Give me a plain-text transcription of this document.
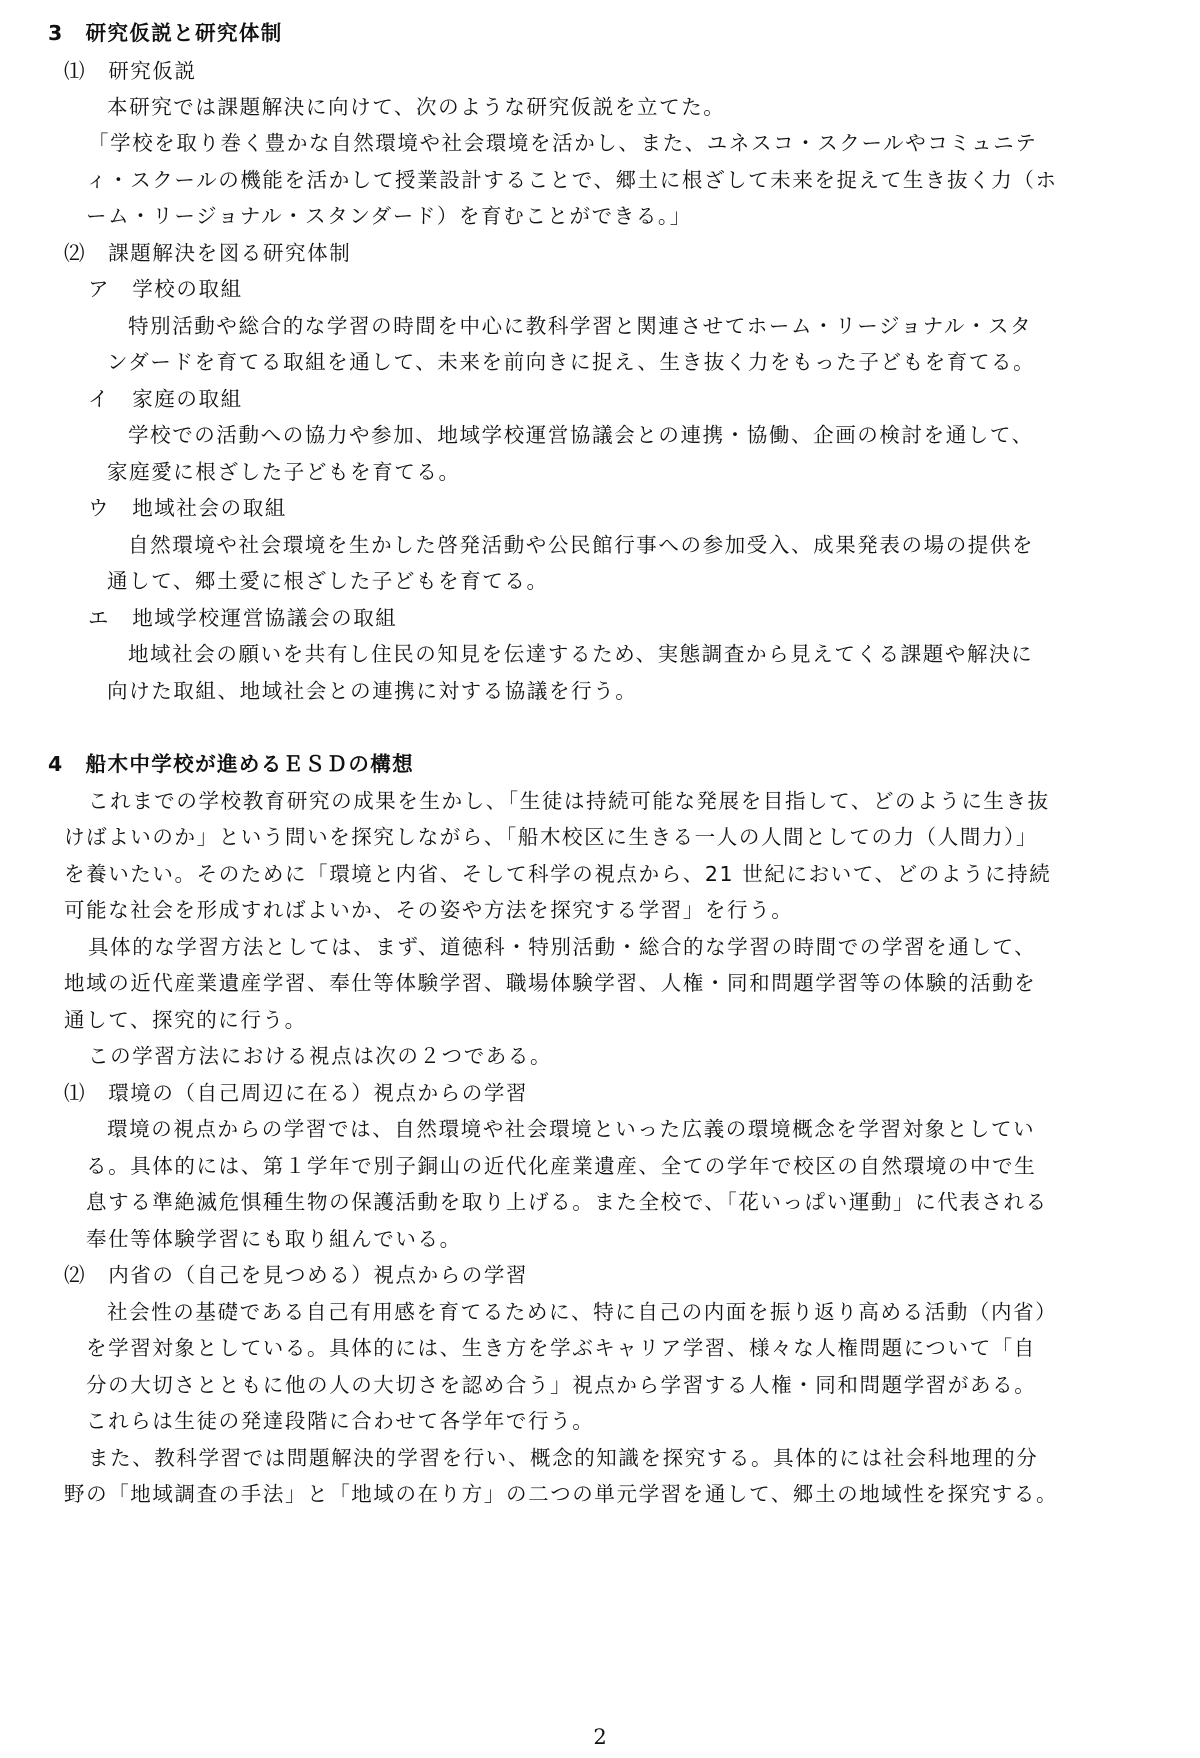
3　研究仮説と研究体制
⑴　研究仮説
本研究では課題解決に向けて、次のような研究仮説を立てた。
「学校を取り巻く豊かな自然環境や社会環境を活かし、また、ユネスコ・スクールやコミュニテ
ィ・スクールの機能を活かして授業設計することで、郷土に根ざして未来を捉えて生き抜く力（ホ
ーム・リージョナル・スタンダード）を育むことができる。」
⑵　課題解決を図る研究体制
ア　学校の取組
特別活動や総合的な学習の時間を中心に教科学習と関連させてホーム・リージョナル・スタ
ンダードを育てる取組を通して、未来を前向きに捉え、生き抜く力をもった子どもを育てる。
イ　家庭の取組
学校での活動への協力や参加、地域学校運営協議会との連携・協働、企画の検討を通して、
家庭愛に根ざした子どもを育てる。
ウ　地域社会の取組
自然環境や社会環境を生かした啓発活動や公民館行事への参加受入、成果発表の場の提供を
通して、郷土愛に根ざした子どもを育てる。
エ　地域学校運営協議会の取組
地域社会の願いを共有し住民の知見を伝達するため、実態調査から見えてくる課題や解決に
向けた取組、地域社会との連携に対する協議を行う。
4　船木中学校が進めるＥＳＤの構想
これまでの学校教育研究の成果を生かし、「生徒は持続可能な発展を目指して、どのように生き抜
けばよいのか」という問いを探究しながら、「船木校区に生きる一人の人間としての力（人間力）」
を養いたい。そのために「環境と内省、そして科学の視点から、21 世紀において、どのように持続
可能な社会を形成すればよいか、その姿や方法を探究する学習」を行う。
具体的な学習方法としては、まず、道徳科・特別活動・総合的な学習の時間での学習を通して、
地域の近代産業遺産学習、奉仕等体験学習、職場体験学習、人権・同和問題学習等の体験的活動を
通して、探究的に行う。
この学習方法における視点は次の２つである。
⑴　環境の（自己周辺に在る）視点からの学習
環境の視点からの学習では、自然環境や社会環境といった広義の環境概念を学習対象としてい
る。具体的には、第１学年で別子銅山の近代化産業遺産、全ての学年で校区の自然環境の中で生
息する準絶滅危惧種生物の保護活動を取り上げる。また全校で、「花いっぱい運動」に代表される
奉仕等体験学習にも取り組んでいる。
⑵　内省の（自己を見つめる）視点からの学習
社会性の基礎である自己有用感を育てるために、特に自己の内面を振り返り高める活動（内省）
を学習対象としている。具体的には、生き方を学ぶキャリア学習、様々な人権問題について「自
分の大切さとともに他の人の大切さを認め合う」視点から学習する人権・同和問題学習がある。
これらは生徒の発達段階に合わせて各学年で行う。
また、教科学習では問題解決的学習を行い、概念的知識を探究する。具体的には社会科地理的分
野の「地域調査の手法」と「地域の在り方」の二つの単元学習を通して、郷土の地域性を探究する。
2
